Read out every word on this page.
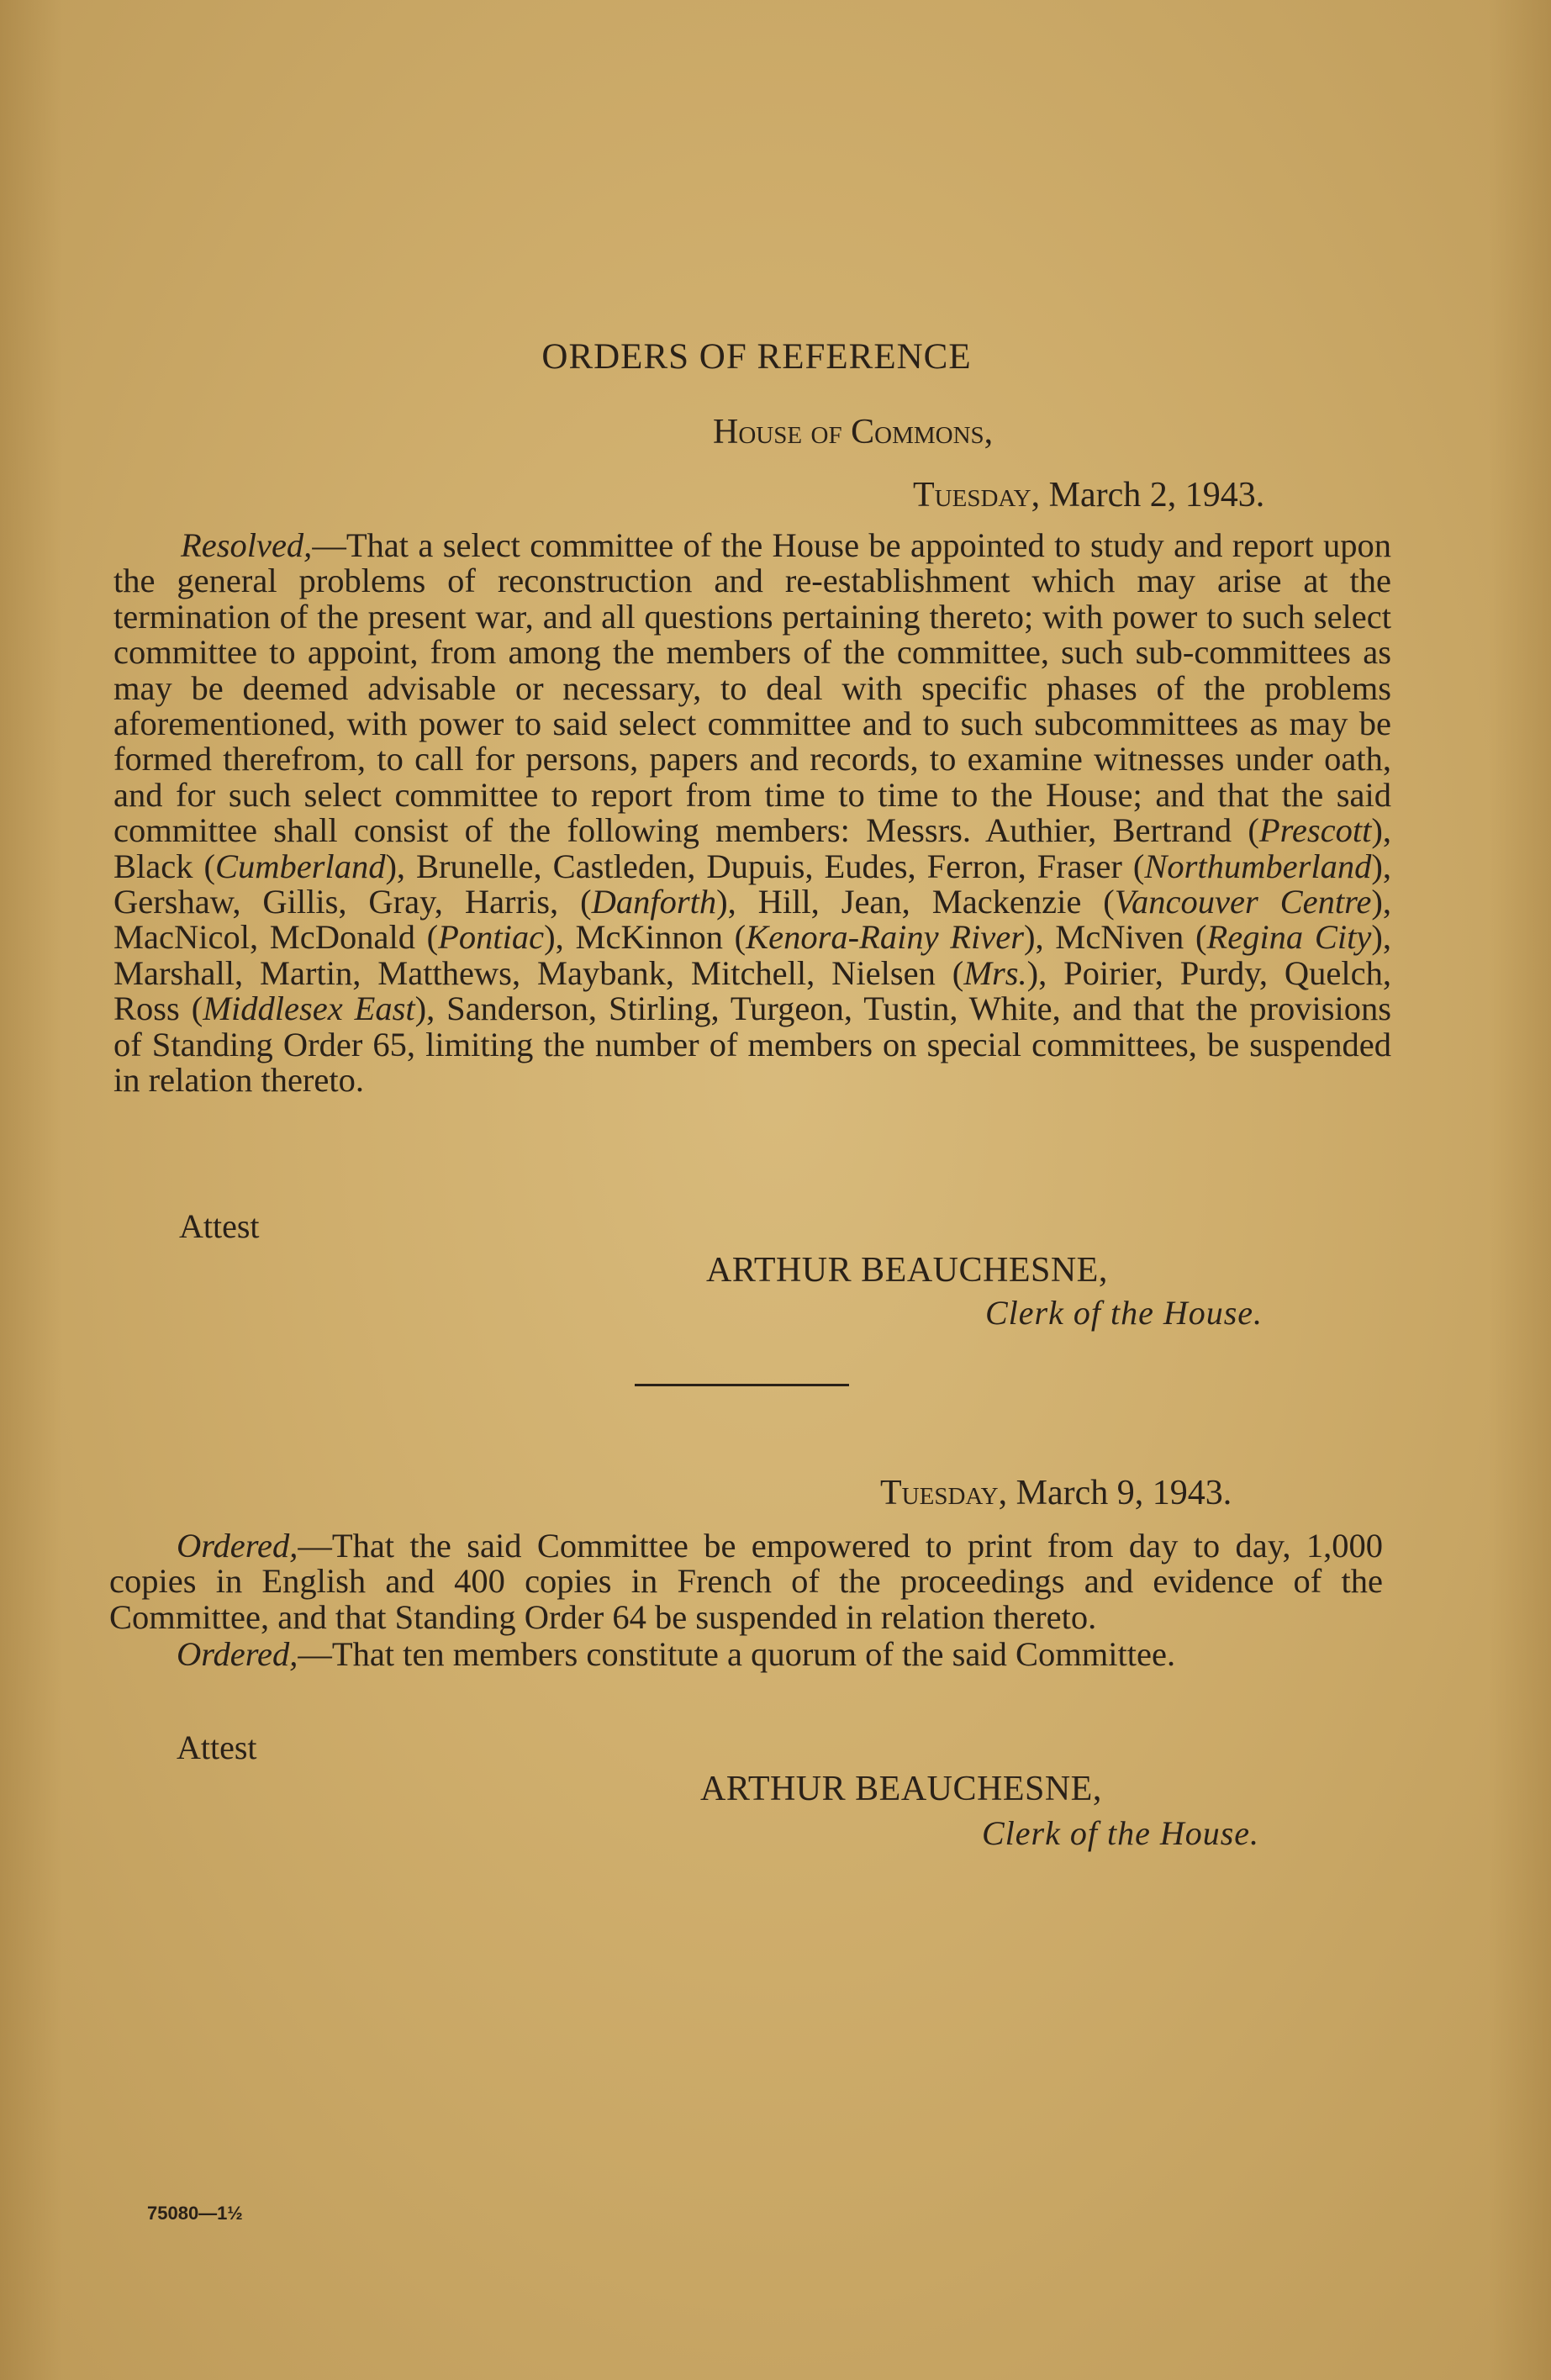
ORDERS OF REFERENCE
House of Commons,
Tuesday, March 2, 1943.

Resolved,—That a select committee of the House be appointed to study and report upon the general problems of reconstruction and re-establishment which may arise at the termination of the present war, and all questions pertaining thereto; with power to such select committee to appoint, from among the members of the committee, such sub-committees as may be deemed advisable or necessary, to deal with specific phases of the problems aforementioned, with power to said select committee and to such subcommittees as may be formed therefrom, to call for persons, papers and records, to examine witnesses under oath, and for such select committee to report from time to time to the House; and that the said committee shall consist of the following members: Messrs. Authier, Bertrand (Prescott), Black (Cumberland), Brunelle, Castleden, Dupuis, Eudes, Ferron, Fraser (Northumberland), Gershaw, Gillis, Gray, Harris, (Danforth), Hill, Jean, Mackenzie (Vancouver Centre), MacNicol, McDonald (Pontiac), McKinnon (Kenora-Rainy River), McNiven (Regina City), Marshall, Martin, Matthews, Maybank, Mitchell, Nielsen (Mrs.), Poirier, Purdy, Quelch, Ross (Middlesex East), Sanderson, Stirling, Turgeon, Tustin, White, and that the provisions of Standing Order 65, limiting the number of members on special committees, be suspended in relation thereto.

Attest
ARTHUR BEAUCHESNE,
Clerk of the House.
Tuesday, March 9, 1943.

Ordered,—That the said Committee be empowered to print from day to day, 1,000 copies in English and 400 copies in French of the proceedings and evidence of the Committee, and that Standing Order 64 be suspended in relation thereto.

Ordered,—That ten members constitute a quorum of the said Committee.

Attest
ARTHUR BEAUCHESNE,
Clerk of the House.
75080—1½
